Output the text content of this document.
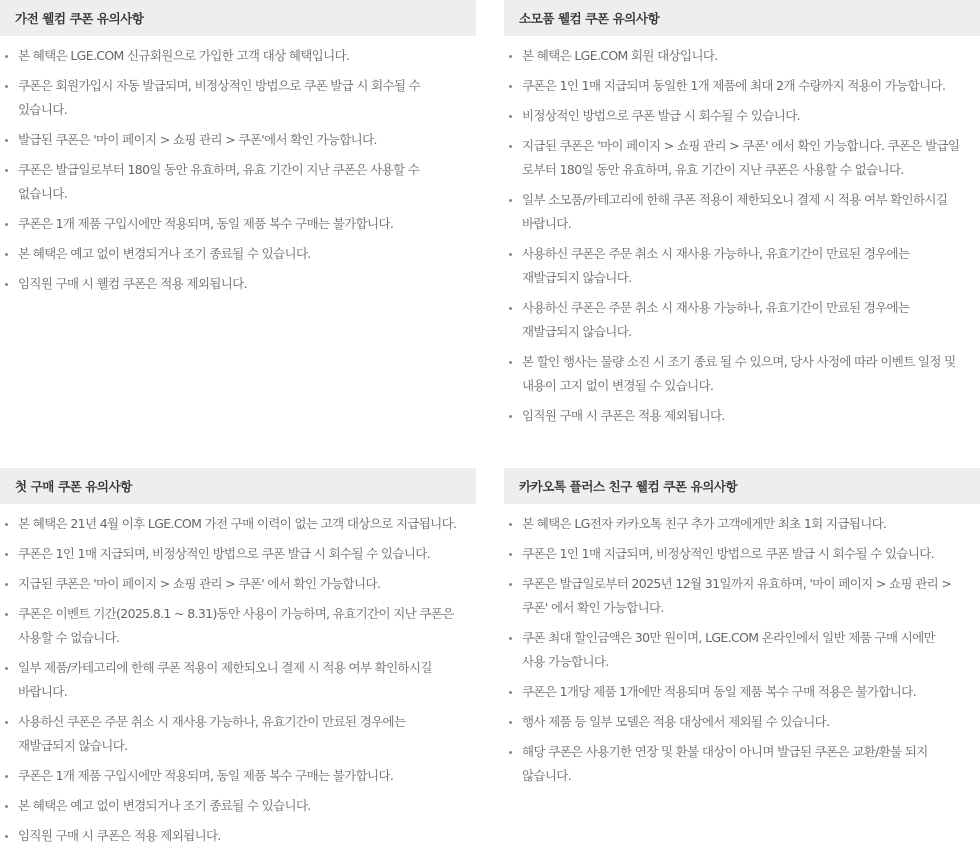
가전 웰컴 쿠폰 유의사항
본 혜택은 LGE.COM 신규회원으로 가입한 고객 대상 혜택입니다.
쿠폰은 회원가입시 자동 발급되며, 비정상적인 방법으로 쿠폰 발급 시 회수될 수
있습니다.
발급된 쿠폰은 '마이 페이지 > 쇼핑 관리 > 쿠폰'에서 확인 가능합니다.
쿠폰은 발급일로부터 180일 동안 유효하며, 유효 기간이 지난 쿠폰은 사용할 수
없습니다.
쿠폰은 1개 제품 구입시에만 적용되며, 동일 제품 복수 구매는 불가합니다.
본 혜택은 예고 없이 변경되거나 조기 종료될 수 있습니다.
임직원 구매 시 웰컴 쿠폰은 적용 제외됩니다.
소모품 웰컴 쿠폰 유의사항
본 혜택은 LGE.COM 회원 대상입니다.
쿠폰은 1인 1매 지급되며 동일한 1개 제품에 최대 2개 수량까지 적용이 가능합니다.
비정상적인 방법으로 쿠폰 발급 시 회수될 수 있습니다.
지급된 쿠폰은 '마이 페이지 > 쇼핑 관리 > 쿠폰' 에서 확인 가능합니다. 쿠폰은 발급일
로부터 180일 동안 유효하며, 유효 기간이 지난 쿠폰은 사용할 수 없습니다.
일부 소모품/카테고리에 한해 쿠폰 적용이 제한되오니 결제 시 적용 여부 확인하시길
바랍니다.
사용하신 쿠폰은 주문 취소 시 재사용 가능하나, 유효기간이 만료된 경우에는
재발급되지 않습니다.
사용하신 쿠폰은 주문 취소 시 재사용 가능하나, 유효기간이 만료된 경우에는
재발급되지 않습니다.
본 할인 행사는 물량 소진 시 조기 종료 될 수 있으며, 당사 사정에 따라 이벤트 일정 및
내용이 고지 없이 변경될 수 있습니다.
임직원 구매 시 쿠폰은 적용 제외됩니다.
첫 구매 쿠폰 유의사항
본 혜택은 21년 4월 이후 LGE.COM 가전 구매 이력이 없는 고객 대상으로 지급됩니다.
쿠폰은 1인 1매 지급되며, 비정상적인 방법으로 쿠폰 발급 시 회수될 수 있습니다.
지급된 쿠폰은 '마이 페이지 > 쇼핑 관리 > 쿠폰' 에서 확인 가능합니다.
쿠폰은 이벤트 기간(2025.8.1 ~ 8.31)동안 사용이 가능하며, 유효기간이 지난 쿠폰은
사용할 수 없습니다.
일부 제품/카테고리에 한해 쿠폰 적용이 제한되오니 결제 시 적용 여부 확인하시길
바랍니다.
사용하신 쿠폰은 주문 취소 시 재사용 가능하나, 유효기간이 만료된 경우에는
재발급되지 않습니다.
쿠폰은 1개 제품 구입시에만 적용되며, 동일 제품 복수 구매는 불가합니다.
본 혜택은 예고 없이 변경되거나 조기 종료될 수 있습니다.
임직원 구매 시 쿠폰은 적용 제외됩니다.
카카오톡 플러스 친구 웰컴 쿠폰 유의사항
본 혜택은 LG전자 카카오톡 친구 추가 고객에게만 최초 1회 지급됩니다.
쿠폰은 1인 1매 지급되며, 비정상적인 방법으로 쿠폰 발급 시 회수될 수 있습니다.
쿠폰은 발급일로부터 2025년 12월 31일까지 유효하며, '마이 페이지 > 쇼핑 관리 >
쿠폰' 에서 확인 가능합니다.
쿠폰 최대 할인금액은 30만 원이며, LGE.COM 온라인에서 일반 제품 구매 시에만
사용 가능합니다.
쿠폰은 1개당 제품 1개에만 적용되며 동일 제품 복수 구매 적용은 불가합니다.
행사 제품 등 일부 모델은 적용 대상에서 제외될 수 있습니다.
해당 쿠폰은 사용기한 연장 및 환불 대상이 아니며 발급된 쿠폰은 교환/환불 되지
않습니다.
